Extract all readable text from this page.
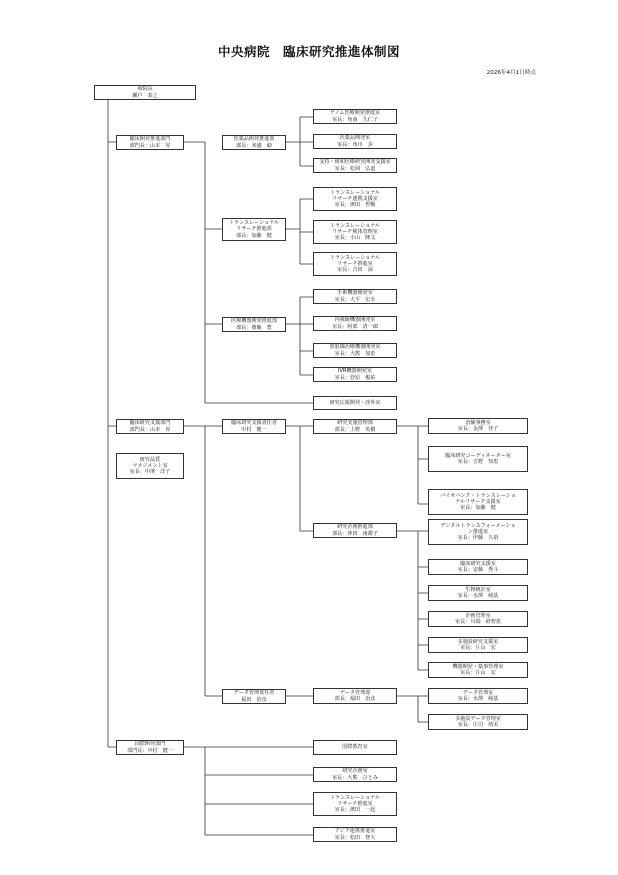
中央病院　臨床研究推進体制図
2026年4月1日時点
病院長
瀬戸　泰之
臨床開発推進部門
部門長：山本　昇
臨床研究支援部門
部門長：山本　昇
研究品質
マネジメント室
室長：中濱　洋子
国際開発部門
部門長：中村　健一
医薬品開発推進部
部長：米盛　勧
トランスレーショナル
リサーチ推進部
部長：加藤　健
医療機器開発推進部
部長：齋藤　豊
臨床研究支援責任者
中村　健一
データ管理責任者
福田　治彦
ゲノム医療開発推進室
室長：角南　久仁子
医薬品開発室
室長：角川　歩
支持・緩和医療研究開発支援室
室長：松岡　弘道
トランスレーショナル
リサーチ連携支援室
室長：濱田　哲暢
トランスレーショナル
リサーチ検体管理室
室長：小山　隆文
トランスレーショナル
リサーチ推進室
室長：吉田　諒
手術機器開発室
室長：大平　宏幸
内視鏡機器開発室
室長：阿部　清一郎
放射線治療機器開発室
室長：大熊　加恵
IVR機器開発室
室長：菅原　俊祐
研究広報開発・渉外室
研究実施管理部
部長：上野　英樹
研究企画推進部
部長：沖田　南都子
データ管理部
部長：福田　治彦
治験事務室
室長：金澤　佳子
臨床研究コーディネーター室
室長：吉野　知恵
バイオバンク・トランスレーショ
ナルリサーチ支援室
室長：加藤　健
デジタルトランスフォーメーショ
ン推進室
室長：伊藤　久裕
臨床研究支援室
室長：安藤　秀斗
生物統計室
室長：水澤　純基
企画管理室
室長：川端　紗智恵
多施設研究支援室
室長：片山　宏
機器開発・薬事管理室
室長：片山　宏
データ管理室
室長：水澤　純基
多施設データ管理室
室長：庄司　靖美
国際教育室
研究企画室
室長：大熊　ひとみ
トランスレーショナル
リサーチ推進室
室長：濱田　一起
アジア連携推進室
室長：松田　智大
